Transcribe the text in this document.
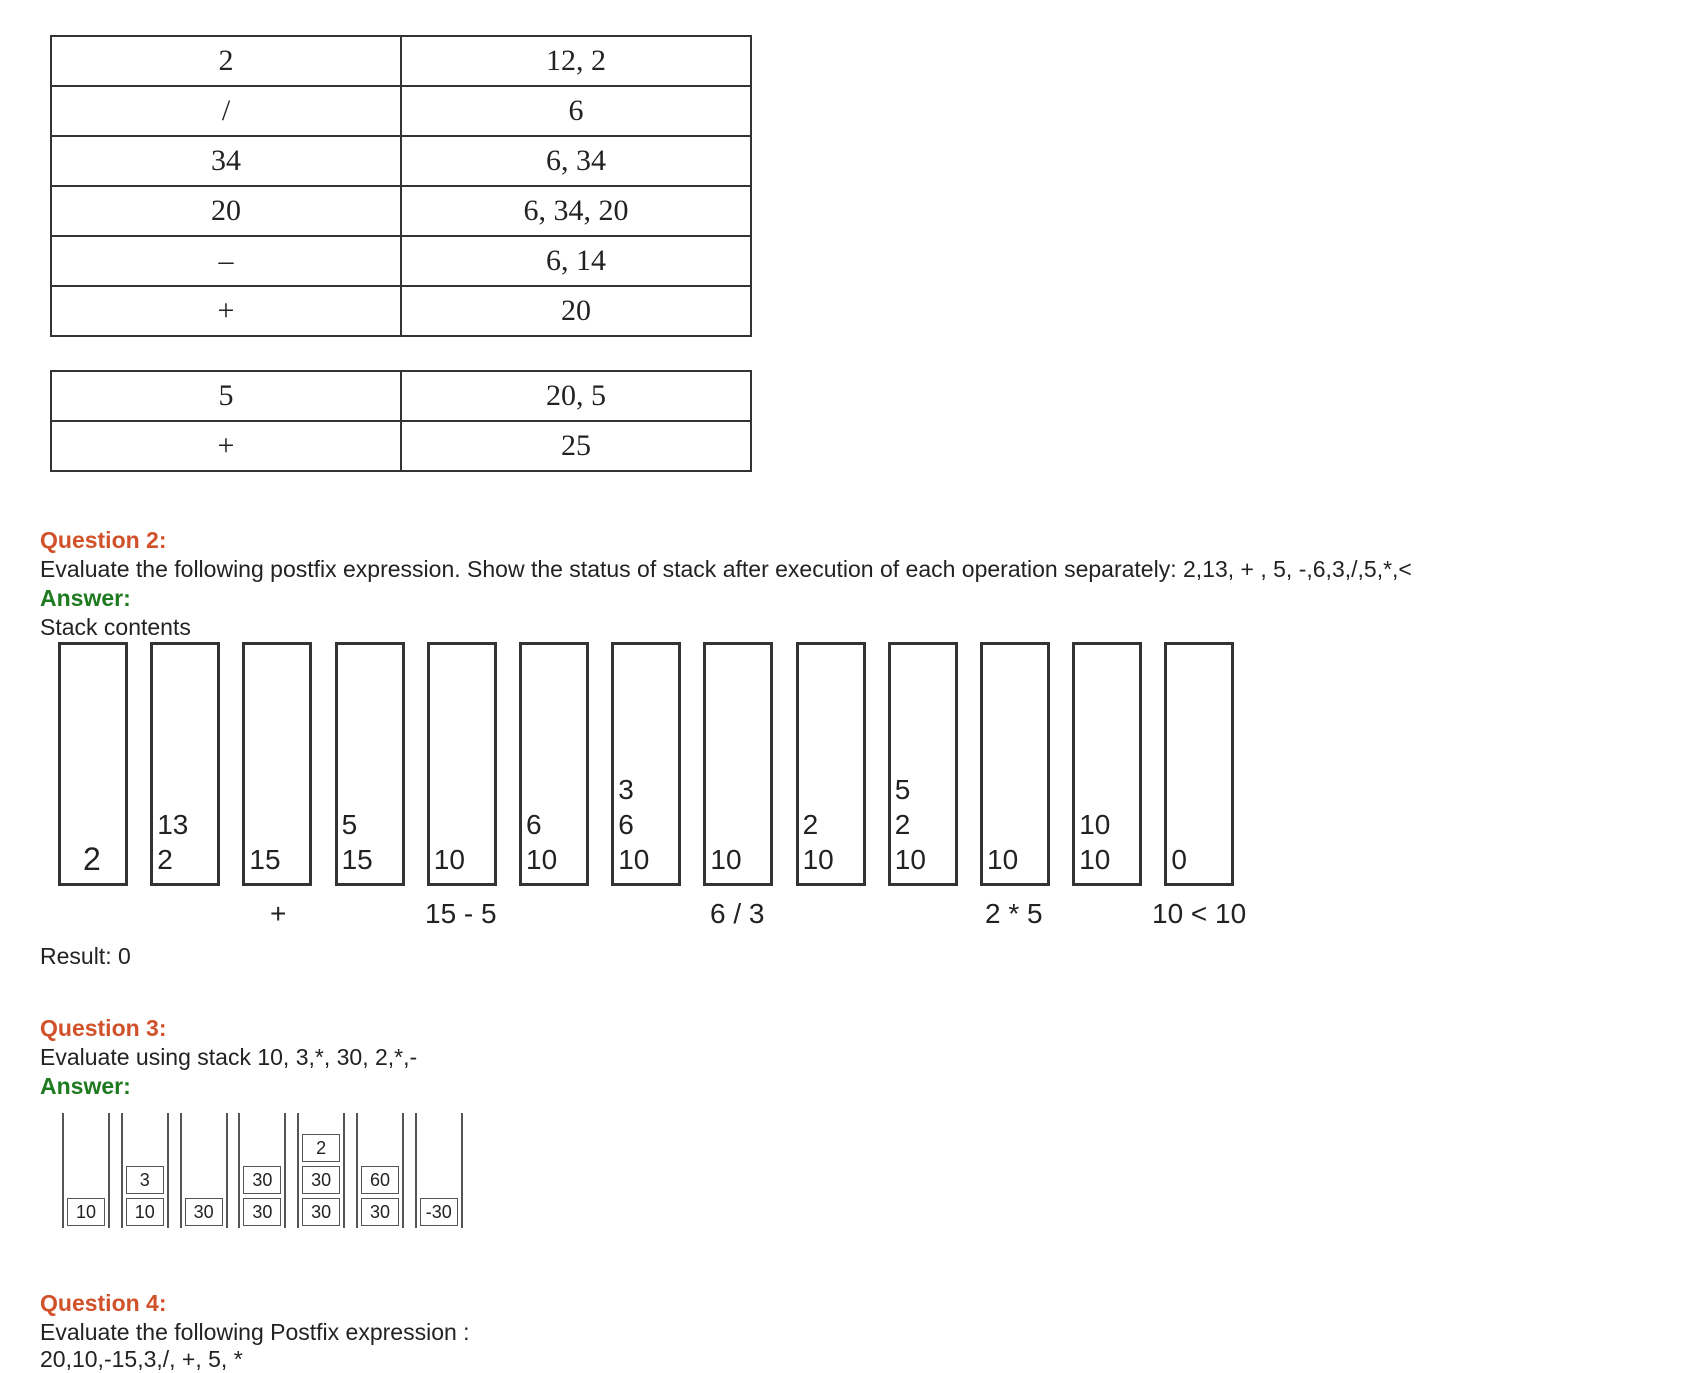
2	12, 2
/	6
34	6, 34
20	6, 34, 20
–	6, 14
+	20
5	20, 5
+	25
Question 2:
Evaluate the following postfix expression. Show the status of stack after execution of each operation separately: 2,13, + , 5, -,6,3,/,5,*,<
Answer:
Stack contents
2
13
2	15
5
15 10
6
10
3
6
10 10
2
10
5
2
10 10
10
10 0
+	15 - 5	6 / 3	2 * 5	10 < 10
Result: 0
Question 3:
Evaluate using stack 10, 3,*, 30, 2,*,-
Answer:
10
3
10	30
30
30
2
30
30
60
30	-30
Question 4:
Evaluate the following Postfix expression :
20,10,-15,3,/, +, 5, *
